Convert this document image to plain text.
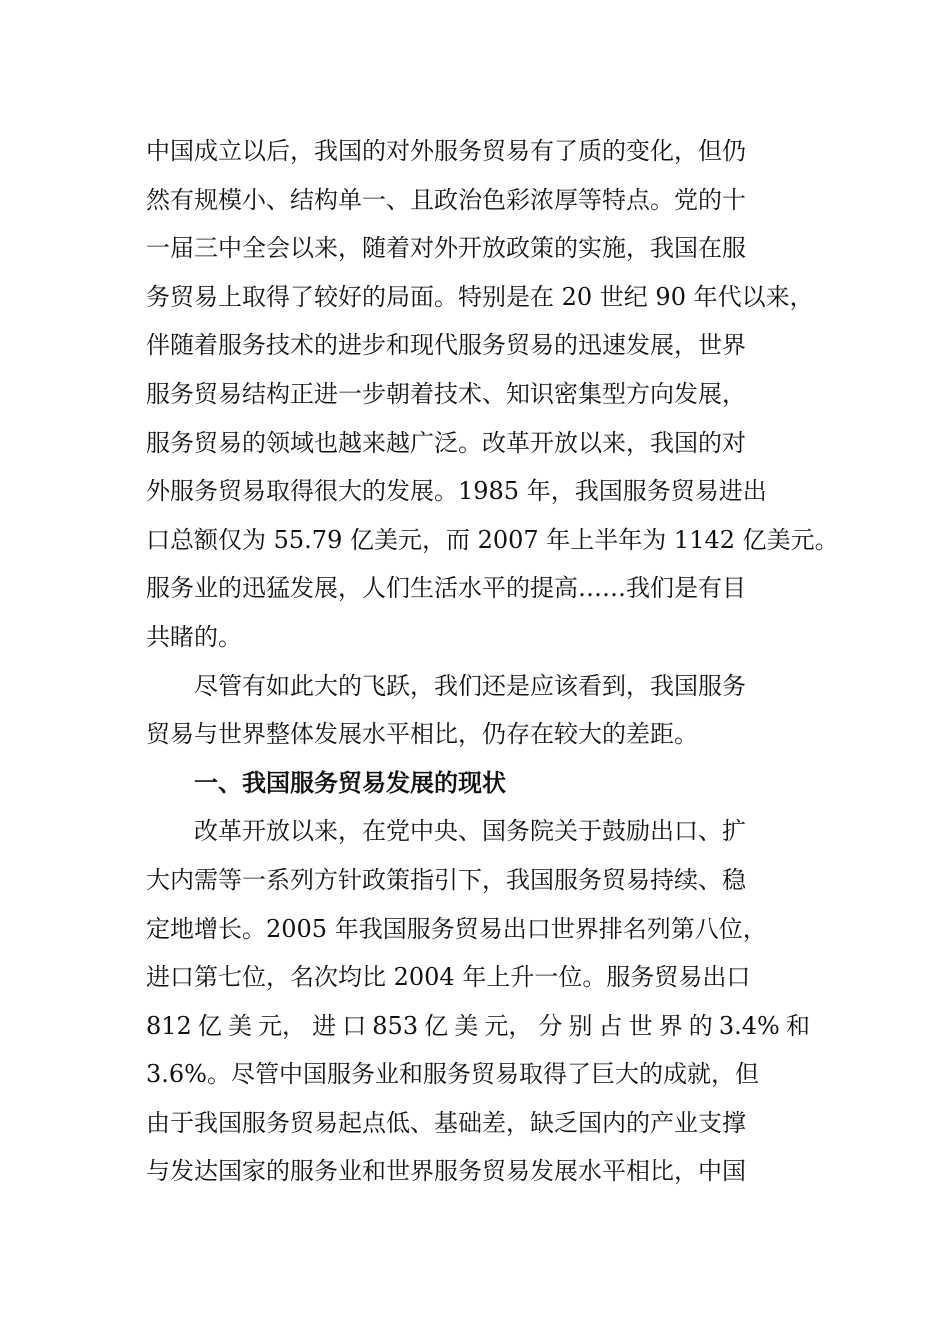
中国成立以后，我国的对外服务贸易有了质的变化，但仍
然有规模小、结构单一、且政治色彩浓厚等特点。党的十
一届三中全会以来，随着对外开放政策的实施，我国在服
务贸易上取得了较好的局面。特别是在 20 世纪 90 年代以来，
伴随着服务技术的进步和现代服务贸易的迅速发展，世界
服务贸易结构正进一步朝着技术、知识密集型方向发展，
服务贸易的领域也越来越广泛。改革开放以来，我国的对
外服务贸易取得很大的发展。1985 年，我国服务贸易进出
口总额仅为 55.79 亿美元，而 2007 年上半年为 1142 亿美元。
服务业的迅猛发展，人们生活水平的提高……我们是有目
共睹的。
尽管有如此大的飞跃，我们还是应该看到，我国服务
贸易与世界整体发展水平相比，仍存在较大的差距。
一、我国服务贸易发展的现状
改革开放以来，在党中央、国务院关于鼓励出口、扩
大内需等一系列方针政策指引下，我国服务贸易持续、稳
定地增长。2005 年我国服务贸易出口世界排名列第八位，
进口第七位，名次均比 2004 年上升一位。服务贸易出口
812 亿 美 元， 进 口 853 亿 美 元， 分 别 占 世 界 的 3.4% 和
3.6%。尽管中国服务业和服务贸易取得了巨大的成就，但
由于我国服务贸易起点低、基础差，缺乏国内的产业支撑
与发达国家的服务业和世界服务贸易发展水平相比，中国
